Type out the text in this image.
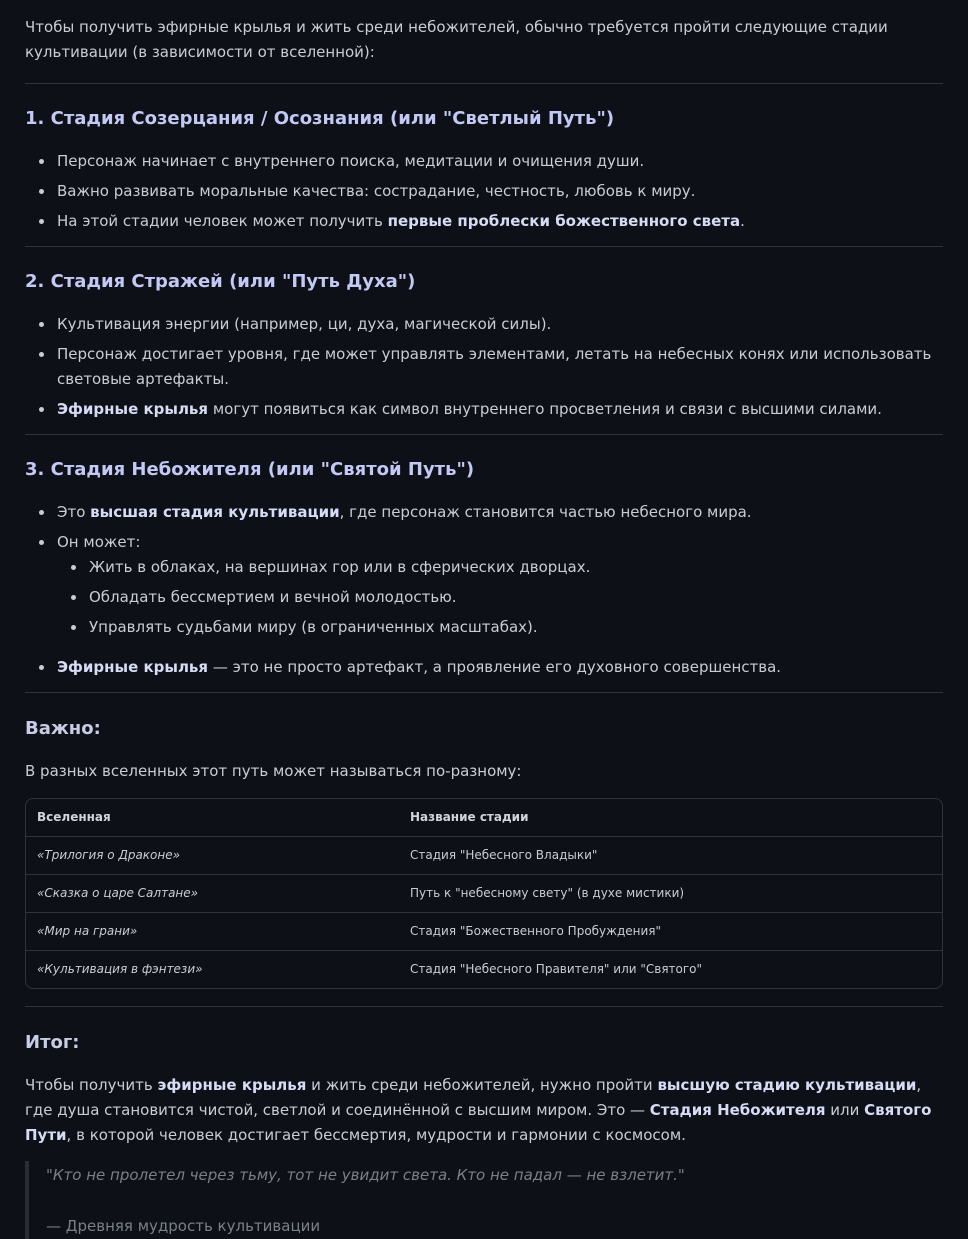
Чтобы получить эфирные крылья и жить среди небожителей, обычно требуется пройти следующие стадии культивации (в зависимости от вселенной):

1. Стадия Созерцания / Осознания (или "Светлый Путь")
Персонаж начинает с внутреннего поиска, медитации и очищения души.
Важно развивать моральные качества: сострадание, честность, любовь к миру.
На этой стадии человек может получить первые проблески божественного света.
2. Стадия Стражей (или "Путь Духа")
Культивация энергии (например, ци, духа, магической силы).
Персонаж достигает уровня, где может управлять элементами, летать на небесных конях или использовать световые артефакты.
Эфирные крылья могут появиться как символ внутреннего просветления и связи с высшими силами.
3. Стадия Небожителя (или "Святой Путь")
Это высшая стадия культивации, где персонаж становится частью небесного мира.
Он может:
Жить в облаках, на вершинах гор или в сферических дворцах.
Обладать бессмертием и вечной молодостью.
Управлять судьбами миру (в ограниченных масштабах).
Эфирные крылья — это не просто артефакт, а проявление его духовного совершенства.
Важно:

В разных вселенных этот путь может называться по-разному:

Вселенная	Название стадии
«Трилогия о Драконе»	Стадия "Небесного Владыки"
«Сказка о царе Салтане»	Путь к "небесному свету" (в духе мистики)
«Мир на грани»	Стадия "Божественного Пробуждения"
«Культивация в фэнтези»	Стадия "Небесного Правителя" или "Святого"
Итог:

Чтобы получить эфирные крылья и жить среди небожителей, нужно пройти высшую стадию культивации, где душа становится чистой, светлой и соединённой с высшим миром. Это — Стадия Небожителя или Святого Пути, в которой человек достигает бессмертия, мудрости и гармонии с космосом.

"Кто не пролетел через тьму, тот не увидит света. Кто не падал — не взлетит."

— Древняя мудрость культивации
